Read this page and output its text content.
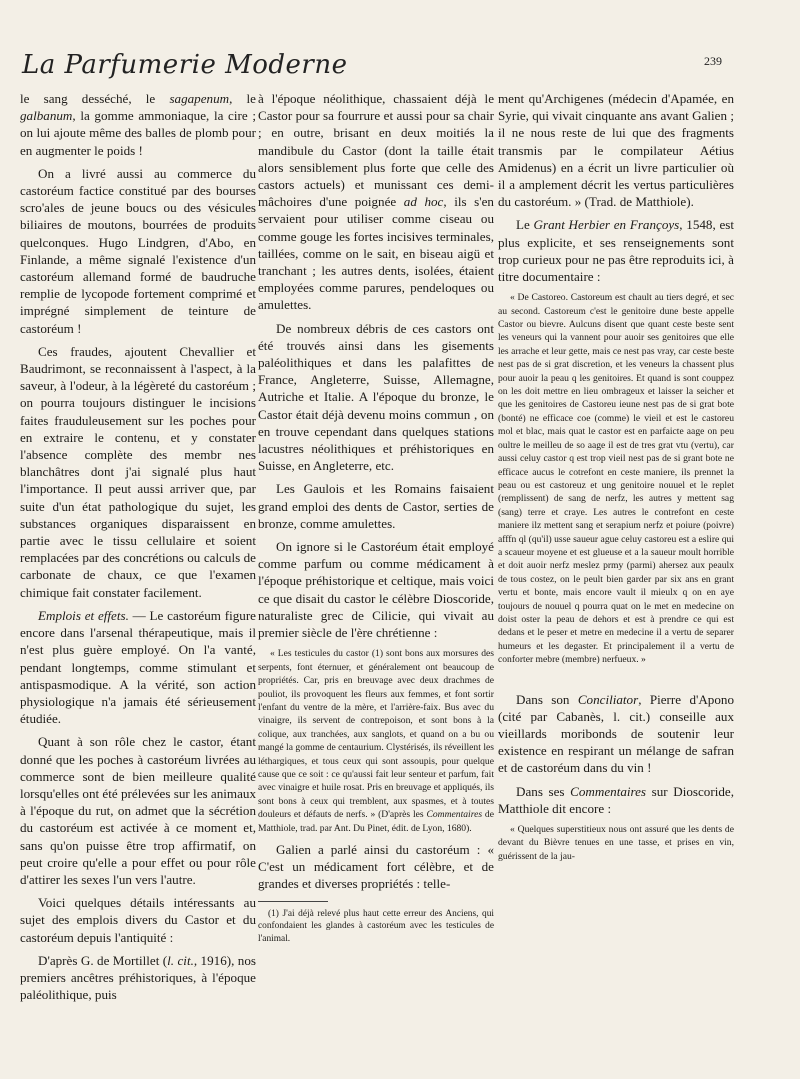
La Parfumerie Moderne	239

le sang desséché, le sagapenum, le galbanum, la gomme ammoniaque, la cire ; on lui ajoute même des balles de plomb pour en augmenter le poids !

On a livré aussi au commerce du castoréum factice constitué par des bourses scro'ales de jeune boucs ou des vésicules biliaires de moutons, bourrées de produits quelconques. Hugo Lindgren, d'Abo, en Finlande, a même signalé l'existence d'un castoréum allemand formé de baudruche remplie de lycopode fortement comprimé et imprégné simplement de teinture de castoréum !

Ces fraudes, ajoutent Chevallier et Baudrimont, se reconnaissent à l'aspect, à la saveur, à l'odeur, à la légèreté du castoréum ; on pourra toujours distinguer le incisions faites frauduleusement sur les poches pour en extraire le contenu, et y constater l'absence complète des membr nes blanchâtres dont j'ai signalé plus haut l'importance. Il peut aussi arriver que, par suite d'un état pathologique du sujet, les substances organiques disparaissent en partie avec le tissu cellulaire et soient remplacées par des concrétions ou calculs de carbonate de chaux, ce que l'examen chimique fait constater facilement.

Emplois et effets. — Le castoréum figure encore dans l'arsenal thérapeutique, mais il n'est plus guère employé. On l'a vanté, pendant longtemps, comme stimulant et antispasmodique. A la vérité, son action physiologique n'a jamais été sérieusement étudiée.

Quant à son rôle chez le castor, étant donné que les poches à castoréum livrées au commerce sont de bien meilleure qualité lorsqu'elles ont été prélevées sur les animaux à l'époque du rut, on admet que la sécrétion du castoréum est activée à ce moment et, sans qu'on puisse être trop affirmatif, on peut croire qu'elle a pour effet ou pour rôle d'attirer les sexes l'un vers l'autre.

Voici quelques détails intéressants au sujet des emplois divers du Castor et du castoréum depuis l'antiquité :

D'après G. de Mortillet (l. cit., 1916), nos premiers ancêtres préhistoriques, à l'époque paléolithique, puis

à l'époque néolithique, chassaient déjà le Castor pour sa fourrure et aussi pour sa chair ; en outre, brisant en deux moitiés la mandibule du Castor (dont la taille était alors sensiblement plus forte que celle des castors actuels) et munissant ces demi-mâchoires d'une poignée ad hoc, ils s'en servaient pour utiliser comme ciseau ou comme gouge les fortes incisives terminales, taillées, comme on le sait, en biseau aigü et tranchant ; les autres dents, isolées, étaient employées comme parures, pendeloques ou amulettes.

De nombreux débris de ces castors ont été trouvés ainsi dans les gisements paléolithiques et dans les palafittes de France, Angleterre, Suisse, Allemagne, Autriche et Italie. A l'époque du bronze, le Castor était déjà devenu moins commun , on en trouve cependant dans quelques stations lacustres néolithiques et préhistoriques en Suisse, en Angleterre, etc.

Les Gaulois et les Romains faisaient grand emploi des dents de Castor, serties de bronze, comme amulettes.

On ignore si le Castoréum était employé comme parfum ou comme médicament à l'époque préhistorique et celtique, mais voici ce que disait du castor le célèbre Dioscoride, naturaliste grec de Cilicie, qui vivait au premier siècle de l'ère chrétienne :

« Les testicules du castor (1) sont bons aux morsures des serpents, font éternuer, et généralement ont beaucoup de propriétés. Car, pris en breuvage avec deux drachmes de pouliot, ils provoquent les fleurs aux femmes, et font sortir l'enfant du ventre de la mère, et l'arrière-faix. Bus avec du vinaigre, ils servent de contrepoison, et sont bons à la colique, aux tranchées, aux sanglots, et quand on a bu ou mangé la gomme de centaurium. Clystérisés, ils réveillent les léthargiques, et tous ceux qui sont assoupis, pour quelque cause que ce soit : ce qu'aussi fait leur senteur et parfum, fait avec vinaigre et huile rosat. Pris en breuvage et appliqués, ils sont bons à ceux qui tremblent, aux spasmes, et à toutes douleurs et défauts de nerfs. » (D'après les Commentaires de Matthiole, trad. par Ant. Du Pinet, édit. de Lyon, 1680).

Galien a parlé ainsi du castoréum : « C'est un médicament fort célèbre, et de grandes et diverses propriétés : telle-

(1) J'ai déjà relevé plus haut cette erreur des Anciens, qui confondaient les glandes à castoréum avec les testicules de l'animal.

ment qu'Archigenes (médecin d'Apamée, en Syrie, qui vivait cinquante ans avant Galien ; il ne nous reste de lui que des fragments transmis par le compilateur Aétius Amidenus) en a écrit un livre particulier où il a amplement décrit les vertus particulières du castoréum. » (Trad. de Matthiole).

Le Grant Herbier en Françoys, 1548, est plus explicite, et ses renseignements sont trop curieux pour ne pas être reproduits ici, à titre documentaire :

« De Castoreo. Castoreum est chault au tiers degré, et sec au second. Castoreum c'est le genitoire dune beste appelle Castor ou bievre. Aulcuns disent que quant ceste beste sent les veneurs qui la vannent pour auoir ses genitoires que elle les arrache et leur gette, mais ce nest pas vray, car ceste beste nest pas de si grat discretion, et les veneurs la chassent plus pour auoir la peau q les genitoires. Et quand is sont couppez on les doit mettre en lieu ombrageux et laisser la seicher et que les genitoires de Castoreu ieune nest pas de si grat bote (bonté) ne efficace coe (comme) le vieil et est le castoreu mol et blac, mais quat le castor est en parfaicte aage on peu oultre le meilleu de so aage il est de tres grat vtu (vertu), car aussi celuy castor q est trop vieil nest pas de si grant bote ne efficace aucus le cotrefont en ceste maniere, ils prennet la peau ou est castoreuz et ung genitoire nouuel et le replet (remplissent) de sang de nerfz, les autres y mettent sag (sang) terre et craye. Les autres le contrefont en ceste maniere ilz mettent sang et serapium nerfz et poiure (poivre) afffn ql (qu'il) usse saueur ague celuy castoreu est a eslire qui a scaueur moyene et est glueuse et a la saueur moult horrible et doit auoir nerfz meslez prmy (parmi) ahersez aux peaulx de tous costez, on le peult bien garder par six ans en grant vertu et bonte, mais encore vault il mieulx q on en aye toujours de nouuel q pourra quat on le met en medecine on doist oster la peau de dehors et est à prendre ce qui est dedans et le peser et metre en medecine il a vertu de separer humeurs et les degaster. Et principalement il a vertu de conforter mebre (membre) nerfueux. »

Dans son Conciliator, Pierre d'Apono (cité par Cabanès, l. cit.) conseille aux vieillards moribonds de soutenir leur existence en respirant un mélange de safran et de castoréum dans du vin !

Dans ses Commentaires sur Dioscoride, Matthiole dit encore :

« Quelques superstitieux nous ont assuré que les dents de devant du Bièvre tenues en une tasse, et prises en vin, guérissent de la jau-
